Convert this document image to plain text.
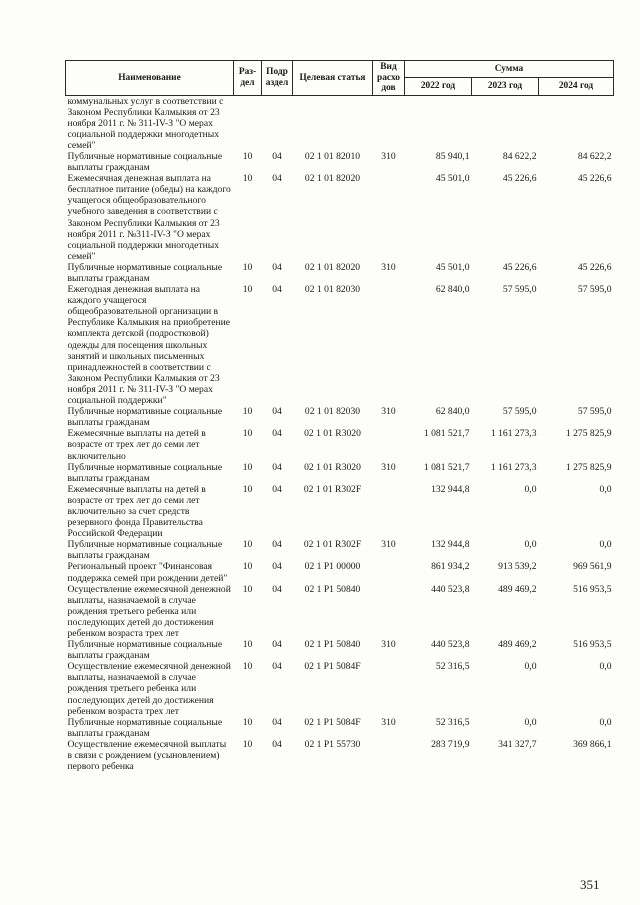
Наименование	Раз-дел	Подр аздел	Целевая статья	Вид расхо дов	Сумма		
					2022 год	2023 год	2024 год
коммунальных услуг в соответствии с Законом Республики Калмыкия от 23 ноября 2011 г. № 311-IV-З "О мерах социальной поддержки многодетных семей"							
Публичные нормативные социальные выплаты гражданам	10	04	02 1 01 82010	310	85 940,1	84 622,2	84 622,2
Ежемесячная денежная выплата на бесплатное питание (обеды) на каждого учащегося общеобразовательного учебного заведения в соответствии с Законом Республики Калмыкия от 23 ноября 2011 г. №311-IV-З "О мерах социальной поддержки многодетных семей"	10	04	02 1 01 82020		45 501,0	45 226,6	45 226,6
Публичные нормативные социальные выплаты гражданам	10	04	02 1 01 82020	310	45 501,0	45 226,6	45 226,6
Ежегодная денежная выплата на каждого учащегося общеобразовательной организации в Республике Калмыкия на приобретение комплекта детской (подростковой) одежды для посещения школьных занятий и школьных письменных принадлежностей в соответствии с Законом Республики Калмыкия от 23 ноября 2011 г. № 311-IV-З "О мерах социальной поддержки"	10	04	02 1 01 82030		62 840,0	57 595,0	57 595,0
Публичные нормативные социальные выплаты гражданам	10	04	02 1 01 82030	310	62 840,0	57 595,0	57 595,0
Ежемесячные выплаты на детей в возрасте от трех лет до семи лет включительно	10	04	02 1 01 R3020		1 081 521,7	1 161 273,3	1 275 825,9
Публичные нормативные социальные выплаты гражданам	10	04	02 1 01 R3020	310	1 081 521,7	1 161 273,3	1 275 825,9
Ежемесячные выплаты на детей в возрасте от трех лет до семи лет включительно за счет средств резервного фонда Правительства Российской Федерации	10	04	02 1 01 R302F		132 944,8	0,0	0,0
Публичные нормативные социальные выплаты гражданам	10	04	02 1 01 R302F	310	132 944,8	0,0	0,0
Региональный проект "Финансовая поддержка семей при рождении детей"	10	04	02 1 P1 00000		861 934,2	913 539,2	969 561,9
Осуществление ежемесячной денежной выплаты, назначаемой в случае рождения третьего ребенка или последующих детей до достижения ребенком возраста трех лет	10	04	02 1 P1 50840		440 523,8	489 469,2	516 953,5
Публичные нормативные социальные выплаты гражданам	10	04	02 1 P1 50840	310	440 523,8	489 469,2	516 953,5
Осуществление ежемесячной денежной выплаты, назначаемой в случае рождения третьего ребенка или последующих детей до достижения ребенком возраста трех лет	10	04	02 1 P1 5084F		52 316,5	0,0	0,0
Публичные нормативные социальные выплаты гражданам	10	04	02 1 P1 5084F	310	52 316,5	0,0	0,0
Осуществление ежемесячной выплаты в связи с рождением (усыновлением) первого ребенка	10	04	02 1 P1 55730		283 719,9	341 327,7	369 866,1
351
